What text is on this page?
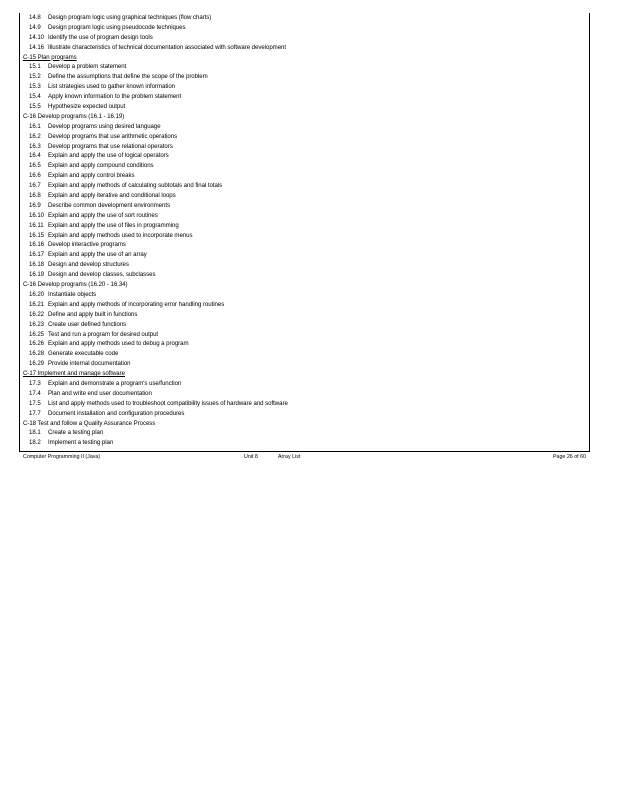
14.8 Design program logic using graphical techniques (flow charts)
14.9 Design program logic using pseudocode techniques
14.10 Identify the use of program design tools
14.16 Illustrate characteristics of technical documentation associated with software development
C-15 Plan programs
15.1 Develop a problem statement
15.2 Define the assumptions that define the scope of the problem
15.3 List strategies used to gather known information
15.4 Apply known information to the problem statement
15.5 Hypothesize expected output
C-16 Develop programs (16.1 - 16.19)
16.1 Develop programs using desired language
16.2 Develop programs that use arithmetic operations
16.3 Develop programs that use relational operators
16.4 Explain and apply the use of logical operators
16.5 Explain and apply compound conditions
16.6 Explain and apply control breaks
16.7 Explain and apply methods of calculating subtotals and final totals
16.8 Explain and apply iterative and conditional loops
16.9 Describe common development environments
16.10 Explain and apply the use of sort routines
16.11 Explain and apply the use of files in programming
16.15 Explain and apply methods used to incorporate menus
16.16 Develop interactive programs
16.17 Explain and apply the use of an array
16.18 Design and develop structures
16.19 Design and develop classes, subclasses
C-16 Develop programs (16.20 - 16.34)
16.20 Instantiate objects
16.21 Explain and apply methods of incorporating error handling routines
16.22 Define and apply built in functions
16.23 Create user defined functions
16.25 Test and run a program for desired output
16.26 Explain and apply methods used to debug a program
16.28 Generate executable code
16.29 Provide internal documentation
C-17 Implement and manage software
17.3 Explain and demonstrate a program's use/function
17.4 Plan and write end user documentation
17.5 List and apply methods used to troubleshoot compatibility issues of hardware and software
17.7 Document installation and configuration procedures
C-18 Test and follow a Quality Assurance Process
18.1 Create a testing plan
18.2 Implement a testing plan
Computer Programming II (Java)	Unit 8	Array List	Page 26 of 60
